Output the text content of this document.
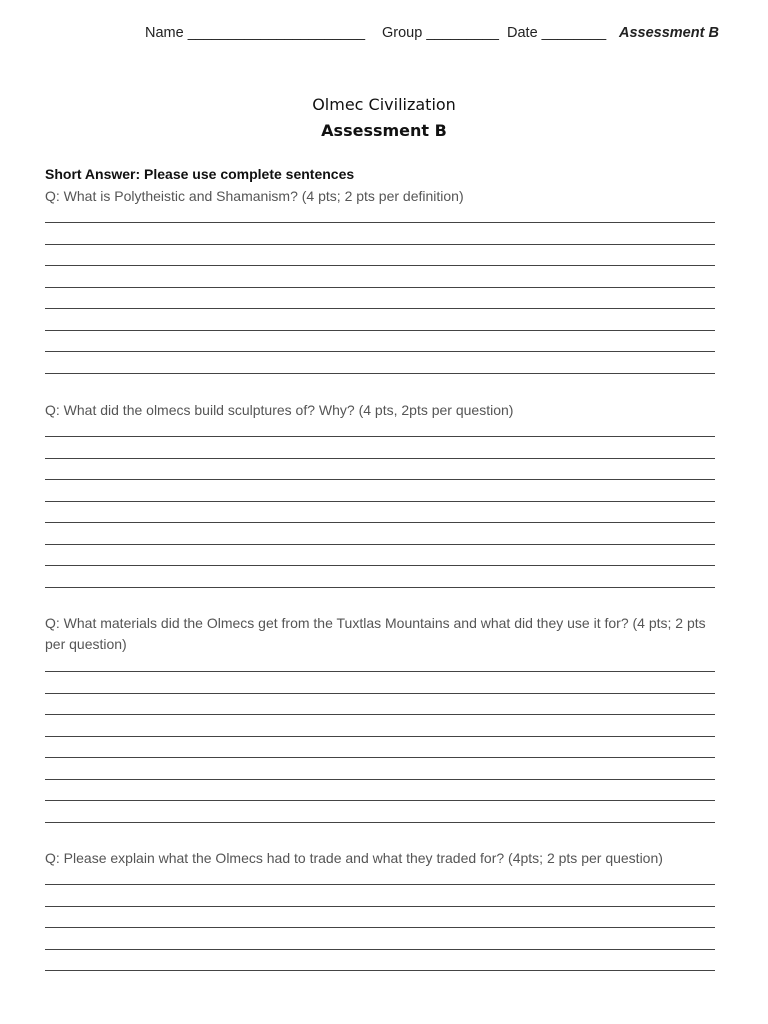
Name ______________________ Group _________ Date ________ Assessment B
Olmec Civilization
Assessment B
Short Answer: Please use complete sentences
Q: What is Polytheistic and Shamanism? (4 pts; 2 pts per definition)
Q: What did the olmecs build sculptures of? Why? (4 pts, 2pts per question)
Q: What materials did the Olmecs get from the Tuxtlas Mountains and what did they use it for? (4 pts; 2 pts per question)
Q: Please explain what the Olmecs had to trade and what they traded for? (4pts; 2 pts per question)
